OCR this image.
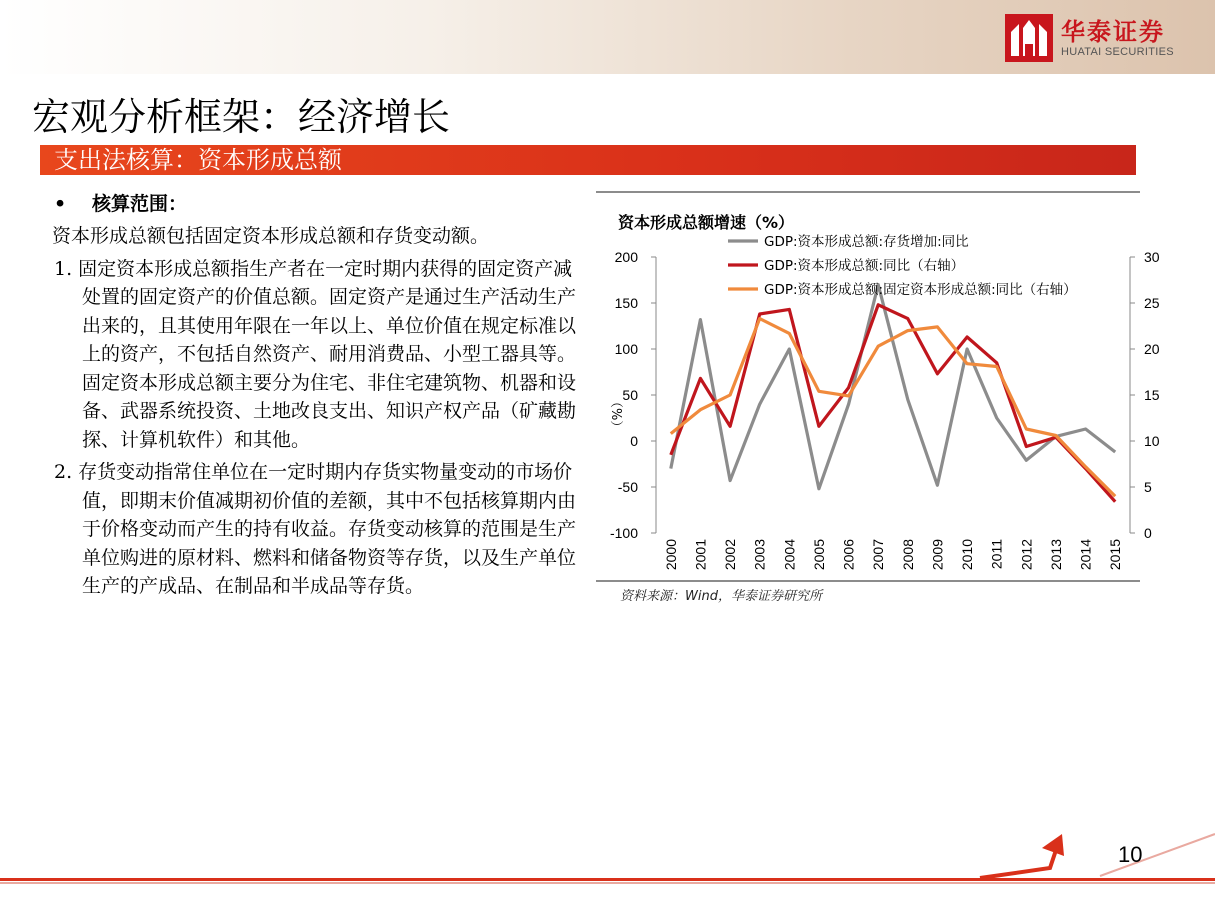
华泰证券
HUATAI SECURITIES
宏观分析框架：经济增长
支出法核算：资本形成总额
• 核算范围：
资本形成总额包括固定资本形成总额和存货变动额。
1. 固定资本形成总额指生产者在一定时期内获得的固定资产减处置的固定资产的价值总额。固定资产是通过生产活动生产出来的，且其使用年限在一年以上、单位价值在规定标准以上的资产，不包括自然资产、耐用消费品、小型工器具等。固定资本形成总额主要分为住宅、非住宅建筑物、机器和设备、武器系统投资、土地改良支出、知识产权产品（矿藏勘探、计算机软件）和其他。
2. 存货变动指常住单位在一定时期内存货实物量变动的市场价值，即期末价值减期初价值的差额，其中不包括核算期内由于价格变动而产生的持有收益。存货变动核算的范围是生产单位购进的原材料、燃料和储备物资等存货，以及生产单位生产的产成品、在制品和半成品等存货。
资本形成总额增速（%）
（%）
200
150
100
50
0
-50
-100
30
25
20
15
10
5
0
2000 2001 2002 2003 2004 2005 2006 2007 2008 2009 2010 2011 2012 2013 2014 2015
GDP:资本形成总额:存货增加:同比
GDP:资本形成总额:同比（右轴）
GDP:资本形成总额:固定资本形成总额:同比（右轴）
资料来源：Wind，华泰证券研究所
10
